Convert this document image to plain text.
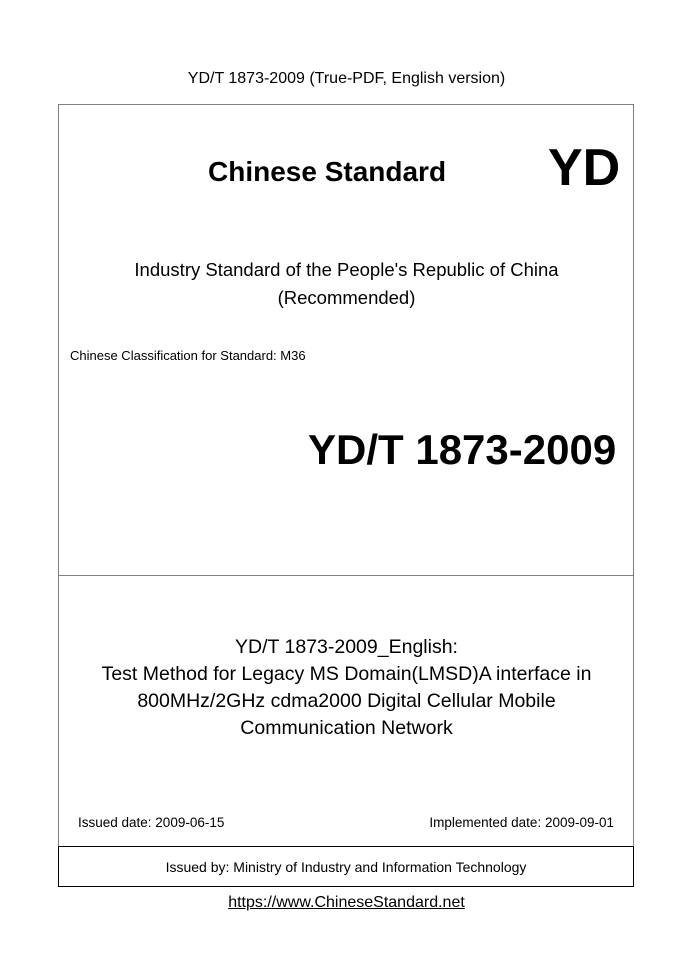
YD/T 1873-2009 (True-PDF, English version)
Chinese Standard YD
Industry Standard of the People's Republic of China
(Recommended)
Chinese Classification for Standard: M36
YD/T 1873-2009
YD/T 1873-2009_English:
Test Method for Legacy MS Domain(LMSD)A interface in
800MHz/2GHz cdma2000 Digital Cellular Mobile
Communication Network
Issued date: 2009-06-15	Implemented date: 2009-09-01
Issued by: Ministry of Industry and Information Technology
https://www.ChineseStandard.net
